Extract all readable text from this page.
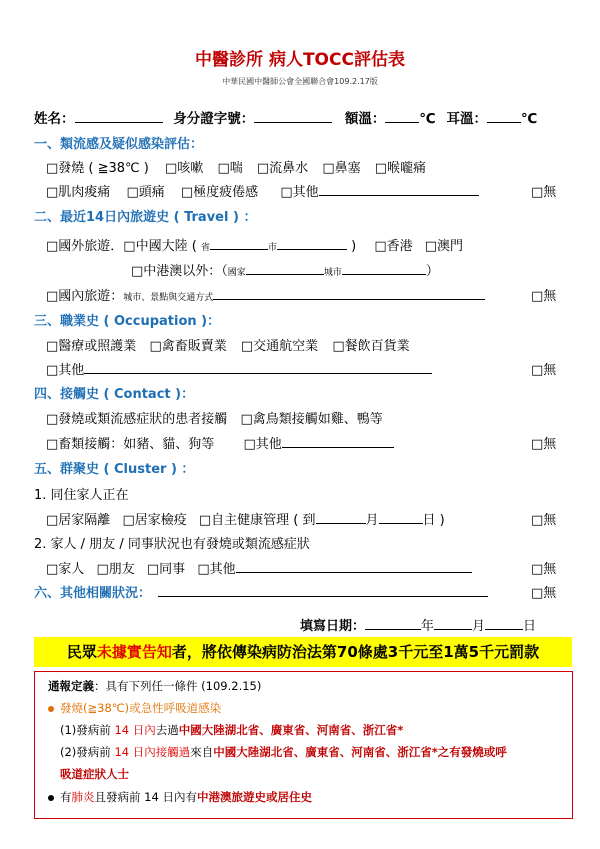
中醫診所 病人TOCC評估表
中華民國中醫師公會全國聯合會109.2.17版
姓名：	身分證字號：	額溫：	℃ 耳溫：	℃
一、類流感及疑似感染評估：
□發燒 ( ≧38℃ ) □咳嗽 □喘 □流鼻水 □鼻塞 □喉嚨痛
□肌肉痠痛 □頭痛 □極度疲倦感 □其他	□無
二、最近14日內旅遊史 ( Travel ) ：
□國外旅遊．□中國大陸 ( 省	市	) □香港 □澳門
□中港澳以外：（國家	城市	）
□國內旅遊：城市、景點與交通方式	□無
三、職業史 ( Occupation )：
□醫療或照護業 □禽畜販賣業 □交通航空業 □餐飲百貨業
□其他	□無
四、接觸史 ( Contact )：
□發燒或類流感症狀的患者接觸 □禽鳥類接觸如雞、鴨等
□畜類接觸：如豬、貓、狗等 □其他	□無
五、群聚史 ( Cluster ) ：
1. 同住家人正在
□居家隔離 □居家檢疫 □自主健康管理 ( 到	月	日 )	□無
2. 家人 / 朋友 / 同事狀況也有發燒或類流感症狀
□家人 □朋友 □同事 □其他	□無
六、其他相關狀況：	□無
填寫日期：	年	月	日
民眾未據實告知者，將依傳染病防治法第70條處3千元至1萬5千元罰款
通報定義：具有下列任一條件 (109.2.15)
發燒(≧38℃)或急性呼吸道感染
(1)發病前 14 日內去過中國大陸湖北省、廣東省、河南省、浙江省*
(2)發病前 14 日內接觸過來自中國大陸湖北省、廣東省、河南省、浙江省*之有發燒或呼
吸道症狀人士
有肺炎且發病前 14 日內有中港澳旅遊史或居住史
